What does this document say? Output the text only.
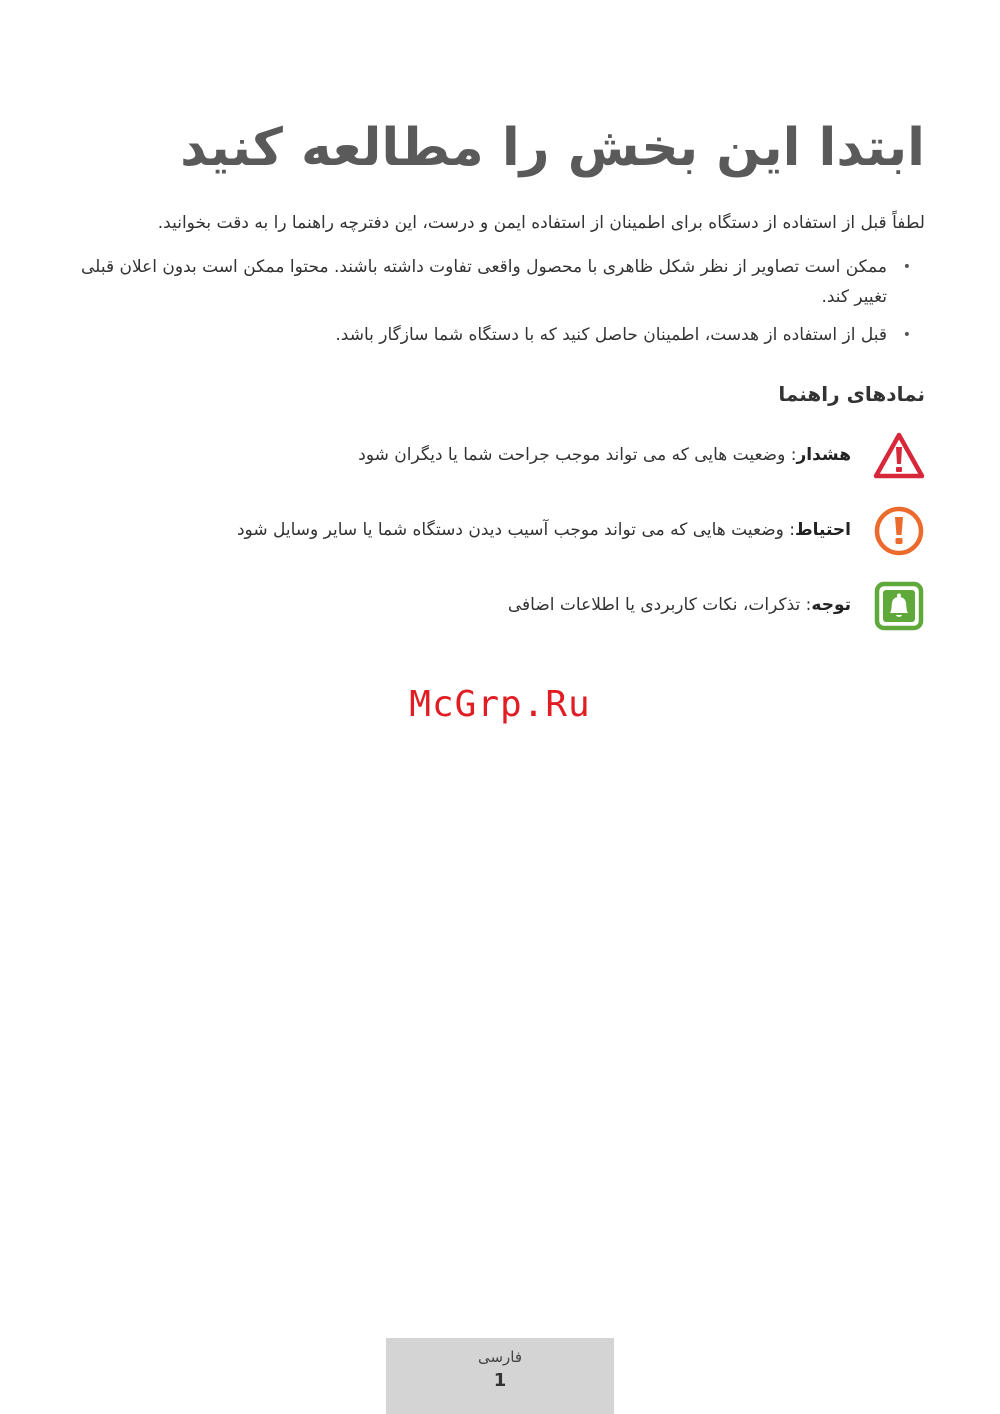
ابتدا این بخش را مطالعه کنید
لطفاً قبل از استفاده از دستگاه برای اطمینان از استفاده ایمن و درست، این دفترچه راهنما را به دقت بخوانید.
•
ممکن است تصاویر از نظر شکل ظاهری با محصول واقعی تفاوت داشته باشند. محتوا ممکن است بدون اعلان قبلی تغییر کند.
•
قبل از استفاده از هدست، اطمینان حاصل کنید که با دستگاه شما سازگار باشد.
نمادهای راهنما
هشدار: وضعیت هایی که می تواند موجب جراحت شما یا دیگران شود
احتیاط: وضعیت هایی که می تواند موجب آسیب دیدن دستگاه شما یا سایر وسایل شود
توجه: تذکرات، نکات کاربردی یا اطلاعات اضافی
McGrp.Ru
فارسی
1
